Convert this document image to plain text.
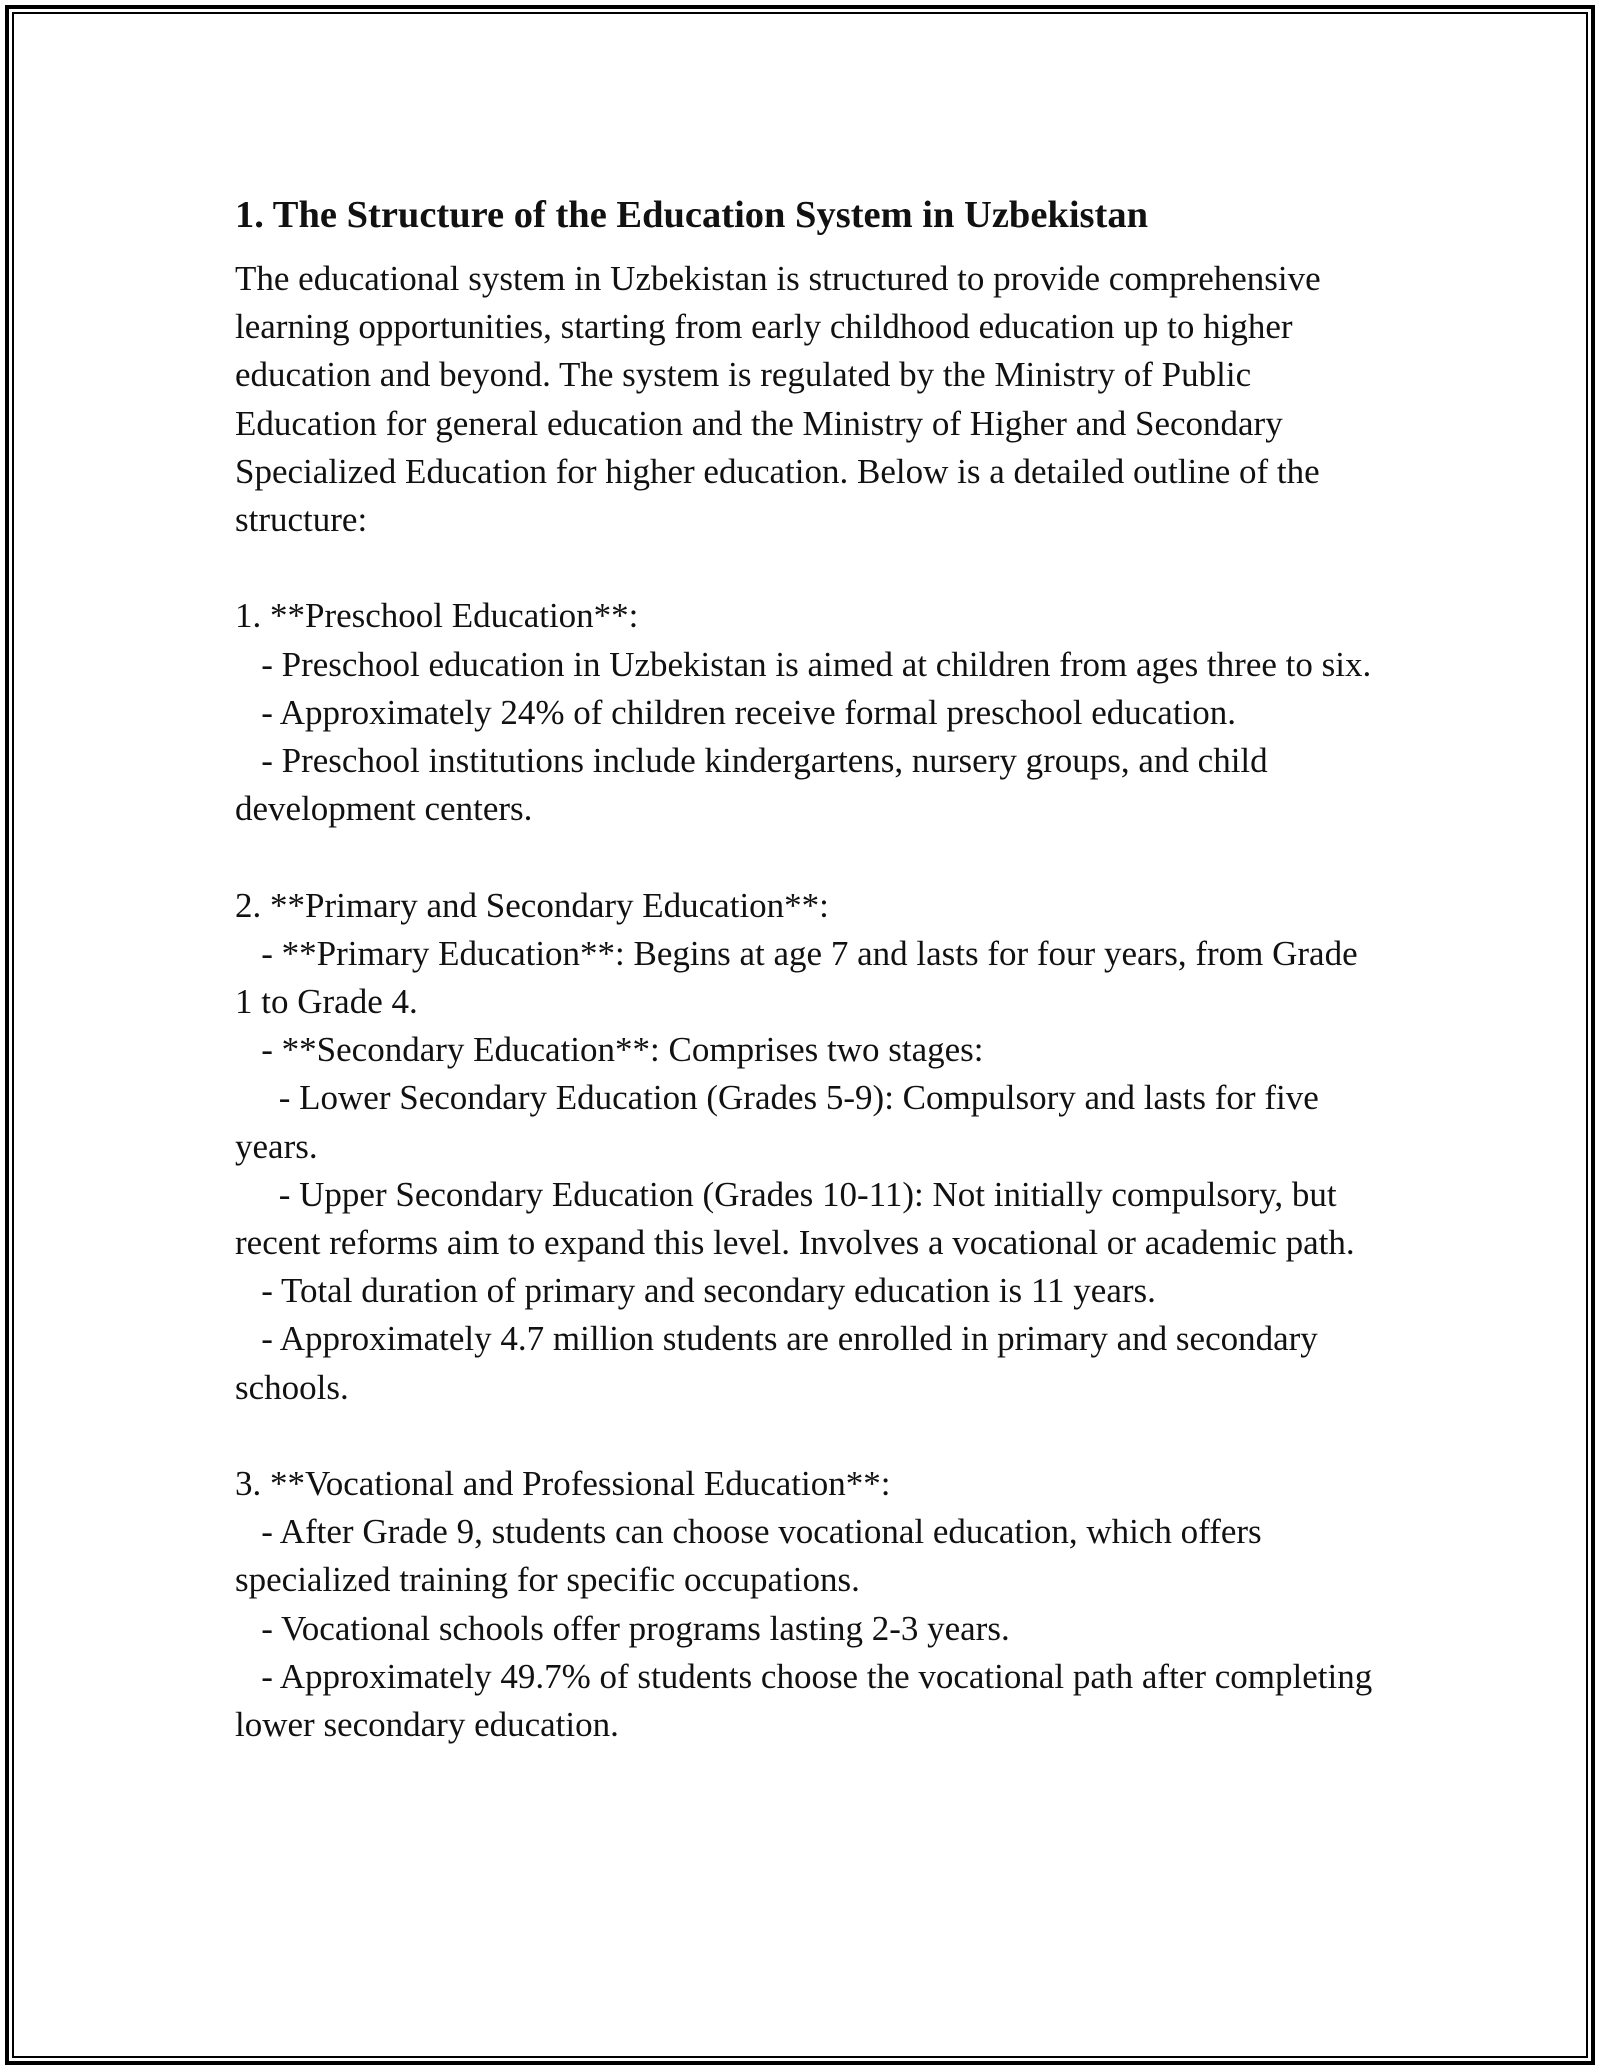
1. The Structure of the Education System in Uzbekistan

The educational system in Uzbekistan is structured to provide comprehensive learning opportunities, starting from early childhood education up to higher education and beyond. The system is regulated by the Ministry of Public Education for general education and the Ministry of Higher and Secondary Specialized Education for higher education. Below is a detailed outline of the structure:

1. **Preschool Education**:

- Preschool education in Uzbekistan is aimed at children from ages three to six.

- Approximately 24% of children receive formal preschool education.

- Preschool institutions include kindergartens, nursery groups, and child development centers.

2. **Primary and Secondary Education**:

- **Primary Education**: Begins at age 7 and lasts for four years, from Grade 1 to Grade 4.

- **Secondary Education**: Comprises two stages:

- Lower Secondary Education (Grades 5-9): Compulsory and lasts for five years.

- Upper Secondary Education (Grades 10-11): Not initially compulsory, but recent reforms aim to expand this level. Involves a vocational or academic path.

- Total duration of primary and secondary education is 11 years.

- Approximately 4.7 million students are enrolled in primary and secondary schools.

3. **Vocational and Professional Education**:

- After Grade 9, students can choose vocational education, which offers specialized training for specific occupations.

- Vocational schools offer programs lasting 2-3 years.

- Approximately 49.7% of students choose the vocational path after completing lower secondary education.
